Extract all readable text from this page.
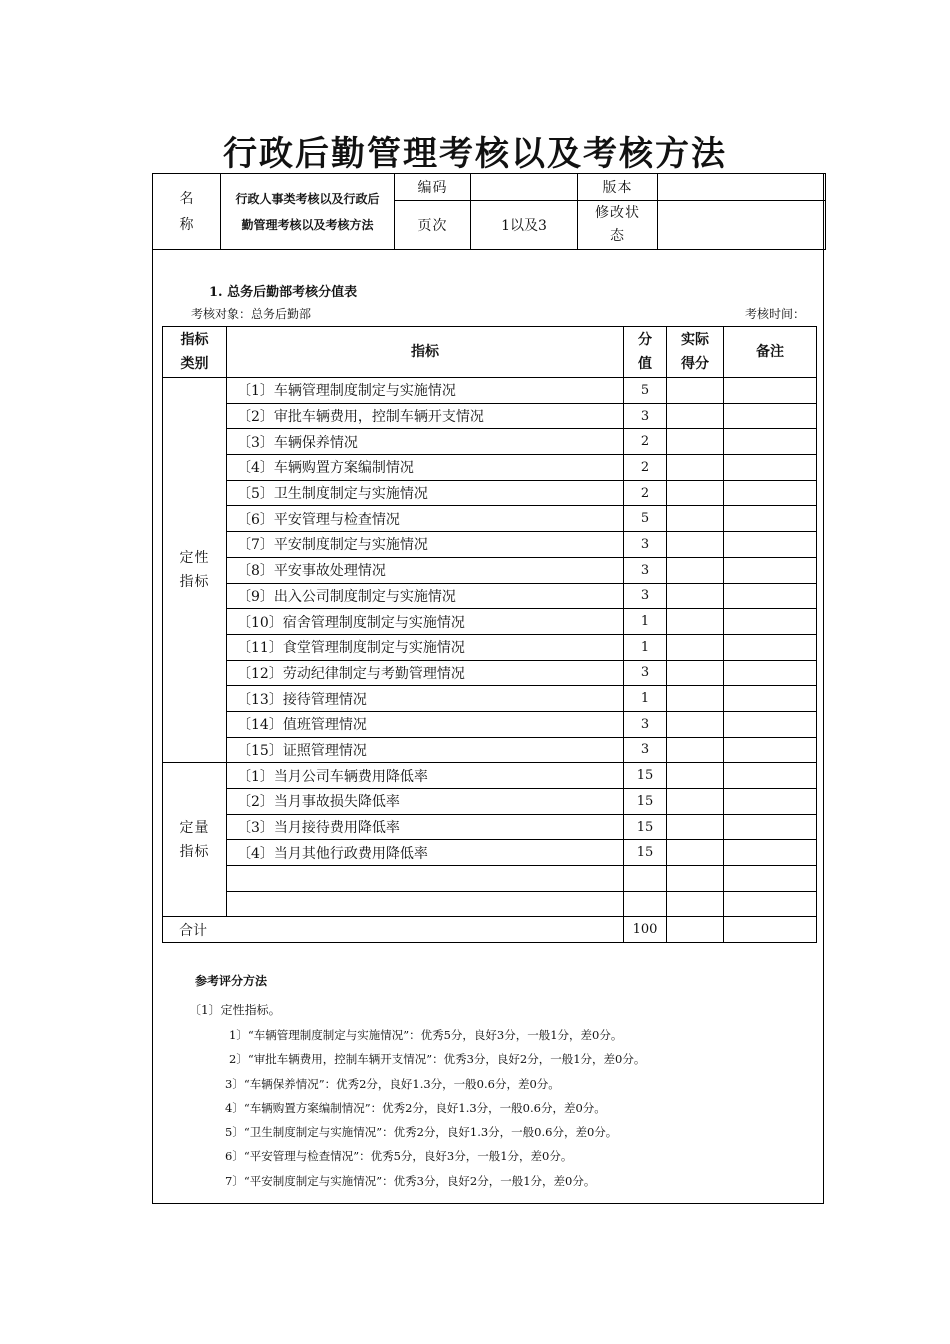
行政后勤管理考核以及考核方法
名称	行政人事类考核以及行政后勤管理考核以及考核方法	编码		版本	
		页次	1以及3	修改状态	
1. 总务后勤部考核分值表
考核对象：总务后勤部	考核时间：
指标类别	指标	分值	实际得分	备注
定性指标	〔1〕车辆管理制度制定与实施情况	5		
	〔2〕审批车辆费用，控制车辆开支情况	3		
	〔3〕车辆保养情况	2		
	〔4〕车辆购置方案编制情况	2		
	〔5〕卫生制度制定与实施情况	2		
	〔6〕平安管理与检查情况	5		
	〔7〕平安制度制定与实施情况	3		
	〔8〕平安事故处理情况	3		
	〔9〕出入公司制度制定与实施情况	3		
	〔10〕宿舍管理制度制定与实施情况	1		
	〔11〕食堂管理制度制定与实施情况	1		
	〔12〕劳动纪律制定与考勤管理情况	3		
	〔13〕接待管理情况	1		
	〔14〕值班管理情况	3		
	〔15〕证照管理情况	3		
定量指标	〔1〕当月公司车辆费用降低率	15		
	〔2〕当月事故损失降低率	15		
	〔3〕当月接待费用降低率	15		
	〔4〕当月其他行政费用降低率	15		

合计		100		

参考评分方法

〔1〕定性指标。

1〕“车辆管理制度制定与实施情况”：优秀5分，良好3分，一般1分，差0分。

2〕“审批车辆费用，控制车辆开支情况”：优秀3分，良好2分，一般1分，差0分。

3〕“车辆保养情况”：优秀2分，良好1.3分，一般0.6分，差0分。

4〕“车辆购置方案编制情况”：优秀2分，良好1.3分，一般0.6分，差0分。

5〕“卫生制度制定与实施情况”：优秀2分，良好1.3分，一般0.6分，差0分。

6〕“平安管理与检查情况”：优秀5分，良好3分，一般1分，差0分。

7〕“平安制度制定与实施情况”：优秀3分，良好2分，一般1分，差0分。
